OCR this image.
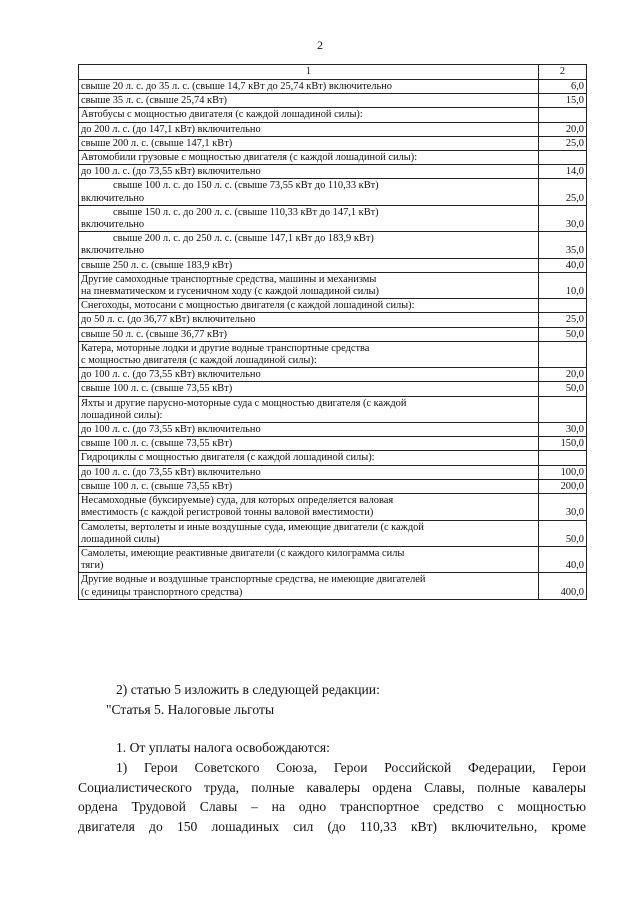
2
1	2

свыше 20 л. с. до 35 л. с. (свыше 14,7 кВт до 25,74 кВт) включительно	6,0

свыше 35 л. с. (свыше 25,74 кВт)	15,0

Автобусы с мощностью двигателя (с каждой лошадиной силы):	

до 200 л. с. (до 147,1 кВт) включительно	20,0

свыше 200 л. с. (свыше 147,1 кВт)	25,0

Автомобили грузовые с мощностью двигателя (с каждой лошадиной силы):	

до 100 л. с. (до 73,55 кВт) включительно	14,0

свыше 100 л. с. до 150 л. с. (свыше 73,55 кВт до 110,33 кВт)
включительно	25,0

свыше 150 л. с. до 200 л. с. (свыше 110,33 кВт до 147,1 кВт)
включительно	30,0

свыше 200 л. с. до 250 л. с. (свыше 147,1 кВт до 183,9 кВт)
включительно	35,0

свыше 250 л. с. (свыше 183,9 кВт)	40,0

Другие самоходные транспортные средства, машины и механизмы
на пневматическом и гусеничном ходу (с каждой лошадиной силы)	10,0

Снегоходы, мотосани с мощностью двигателя (с каждой лошадиной силы):	

до 50 л. с. (до 36,77 кВт) включительно	25,0

свыше 50 л. с. (свыше 36,77 кВт)	50,0

Катера, моторные лодки и другие водные транспортные средства
с мощностью двигателя (с каждой лошадиной силы):	

до 100 л. с. (до 73,55 кВт) включительно	20,0

свыше 100 л. с. (свыше 73,55 кВт)	50,0

Яхты и другие парусно-моторные суда с мощностью двигателя (с каждой
лошадиной силы):	

до 100 л. с. (до 73,55 кВт) включительно	30,0

свыше 100 л. с. (свыше 73,55 кВт)	150,0

Гидроциклы с мощностью двигателя (с каждой лошадиной силы):	

до 100 л. с. (до 73,55 кВт) включительно	100,0

свыше 100 л. с. (свыше 73,55 кВт)	200,0

Несамоходные (буксируемые) суда, для которых определяется валовая
вместимость (с каждой регистровой тонны валовой вместимости)	30,0

Самолеты, вертолеты и иные воздушные суда, имеющие двигатели (с каждой
лошадиной силы)	50,0

Самолеты, имеющие реактивные двигатели (с каждого килограмма силы
тяги)	40,0

Другие водные и воздушные транспортные средства, не имеющие двигателей
(с единицы транспортного средства)	400,0
2) статью 5 изложить в следующей редакции:
"Статья 5. Налоговые льготы
1. От уплаты налога освобождаются:
1) Герои Советского Союза, Герои Российской Федерации, Герои
Социалистического труда, полные кавалеры ордена Славы, полные кавалеры
ордена Трудовой Славы – на одно транспортное средство с мощностью
двигателя до 150 лошадиных сил (до 110,33 кВт) включительно, кроме
